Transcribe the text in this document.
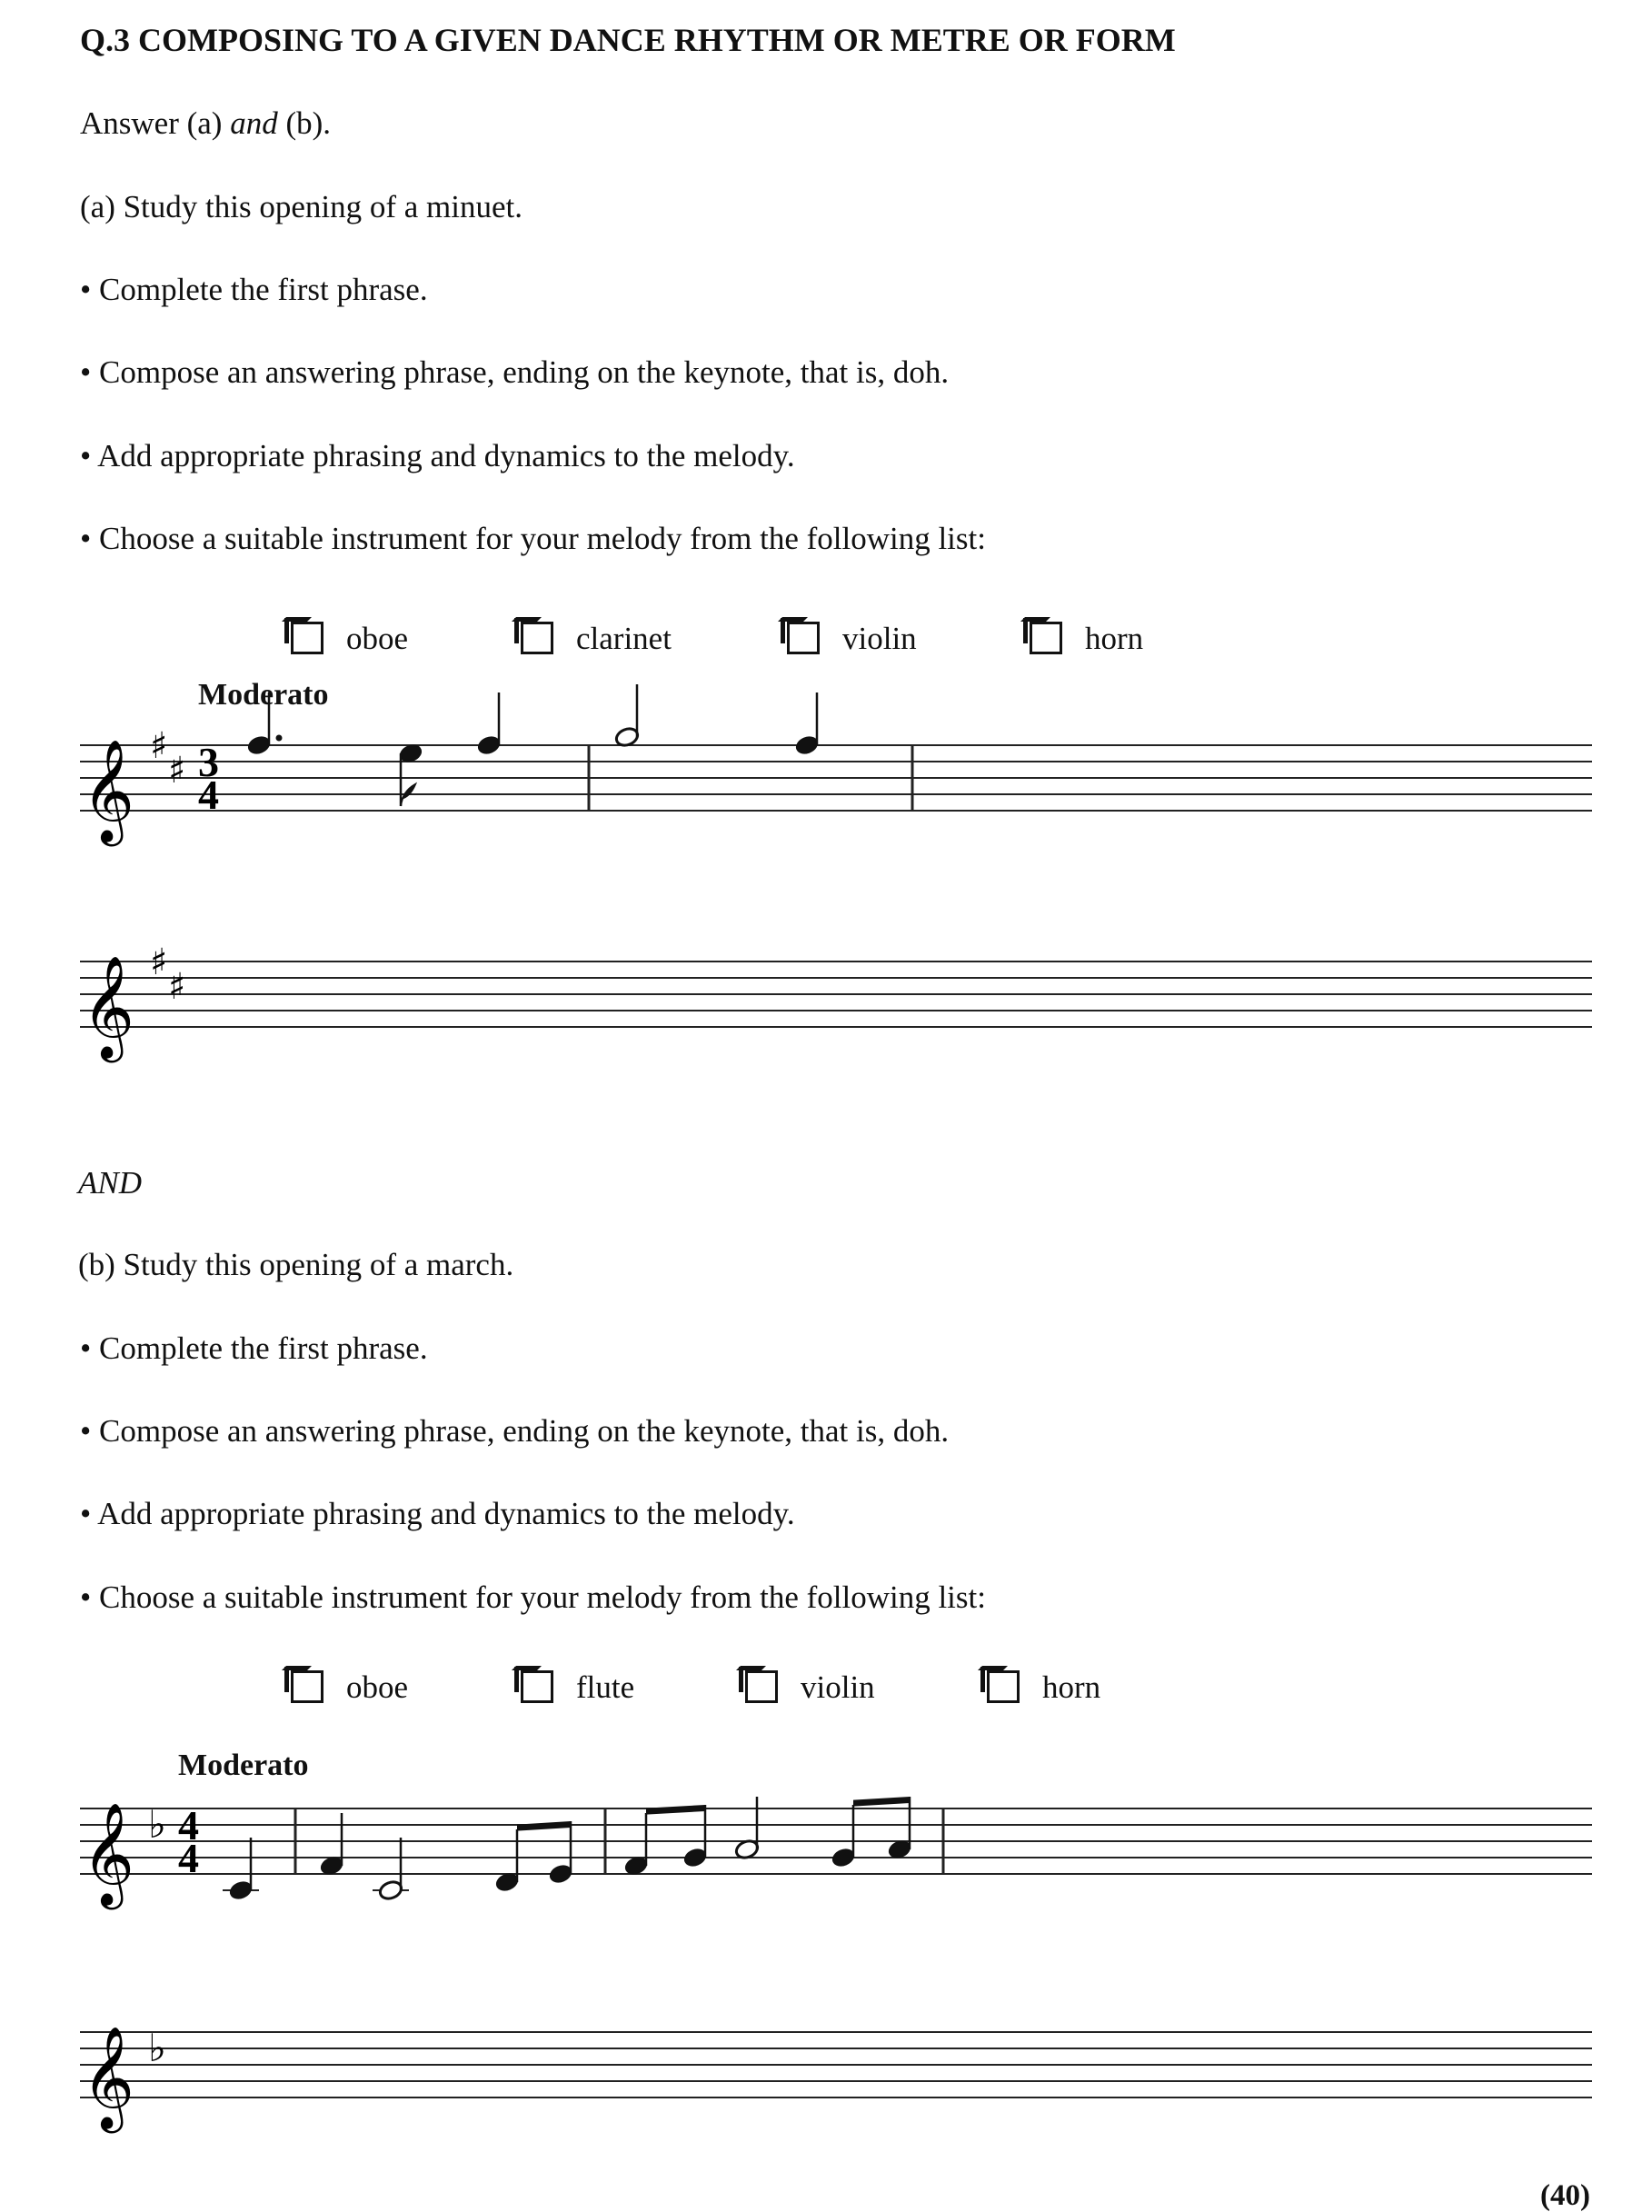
Q.3 COMPOSING TO A GIVEN DANCE RHYTHM OR METRE OR FORM
Answer (a) and (b).
(a) Study this opening of a minuet.
• Complete the first phrase.
• Compose an answering phrase, ending on the keynote, that is, doh.
• Add appropriate phrasing and dynamics to the melody.
• Choose a suitable instrument for your melody from the following list:
oboe	clarinet	violin	horn
Moderato
𝄞 ♯
♯ 3
4
𝄞 ♯
♯
AND
(b) Study this opening of a march.
• Complete the first phrase.
• Compose an answering phrase, ending on the keynote, that is, doh.
• Add appropriate phrasing and dynamics to the melody.
• Choose a suitable instrument for your melody from the following list:
oboe	flute	violin	horn
Moderato
𝄞 ♭ 4
4
𝄞 ♭
(40)
